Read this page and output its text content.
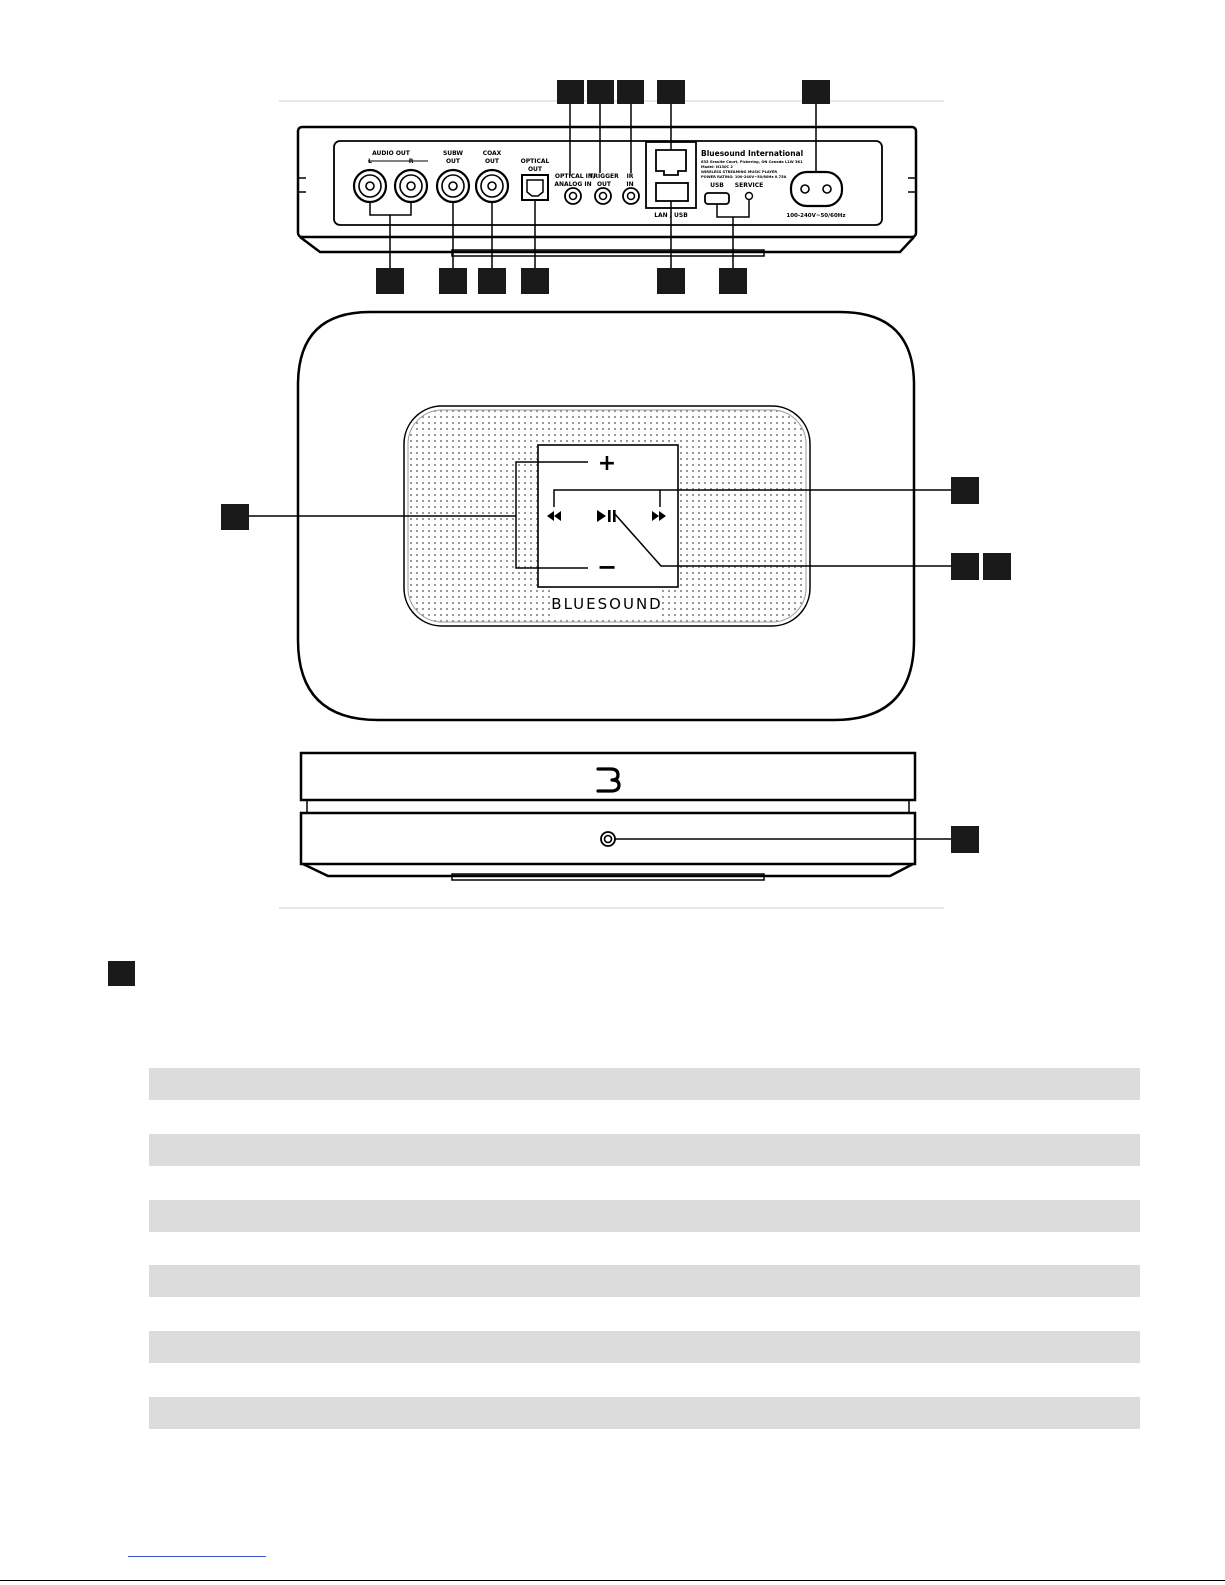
AUDIO OUT
L	R
SUBW
OUT
COAX
OUT	OPTICAL
OUT
OPTICAL IN/
ANALOG IN
TRIGGER
OUT
IR
IN
LAN / USB
Bluesound International
633 Granite Court, Pickering, ON Canada L1W 3K1
Model: N130C 2
WIRELESS STREAMING MUSIC PLAYER
POWER RATING: 100-240V~50/60Hz 0.75A
USB SERVICE
100-240V~50/60Hz
BLUESOUND
+
−
